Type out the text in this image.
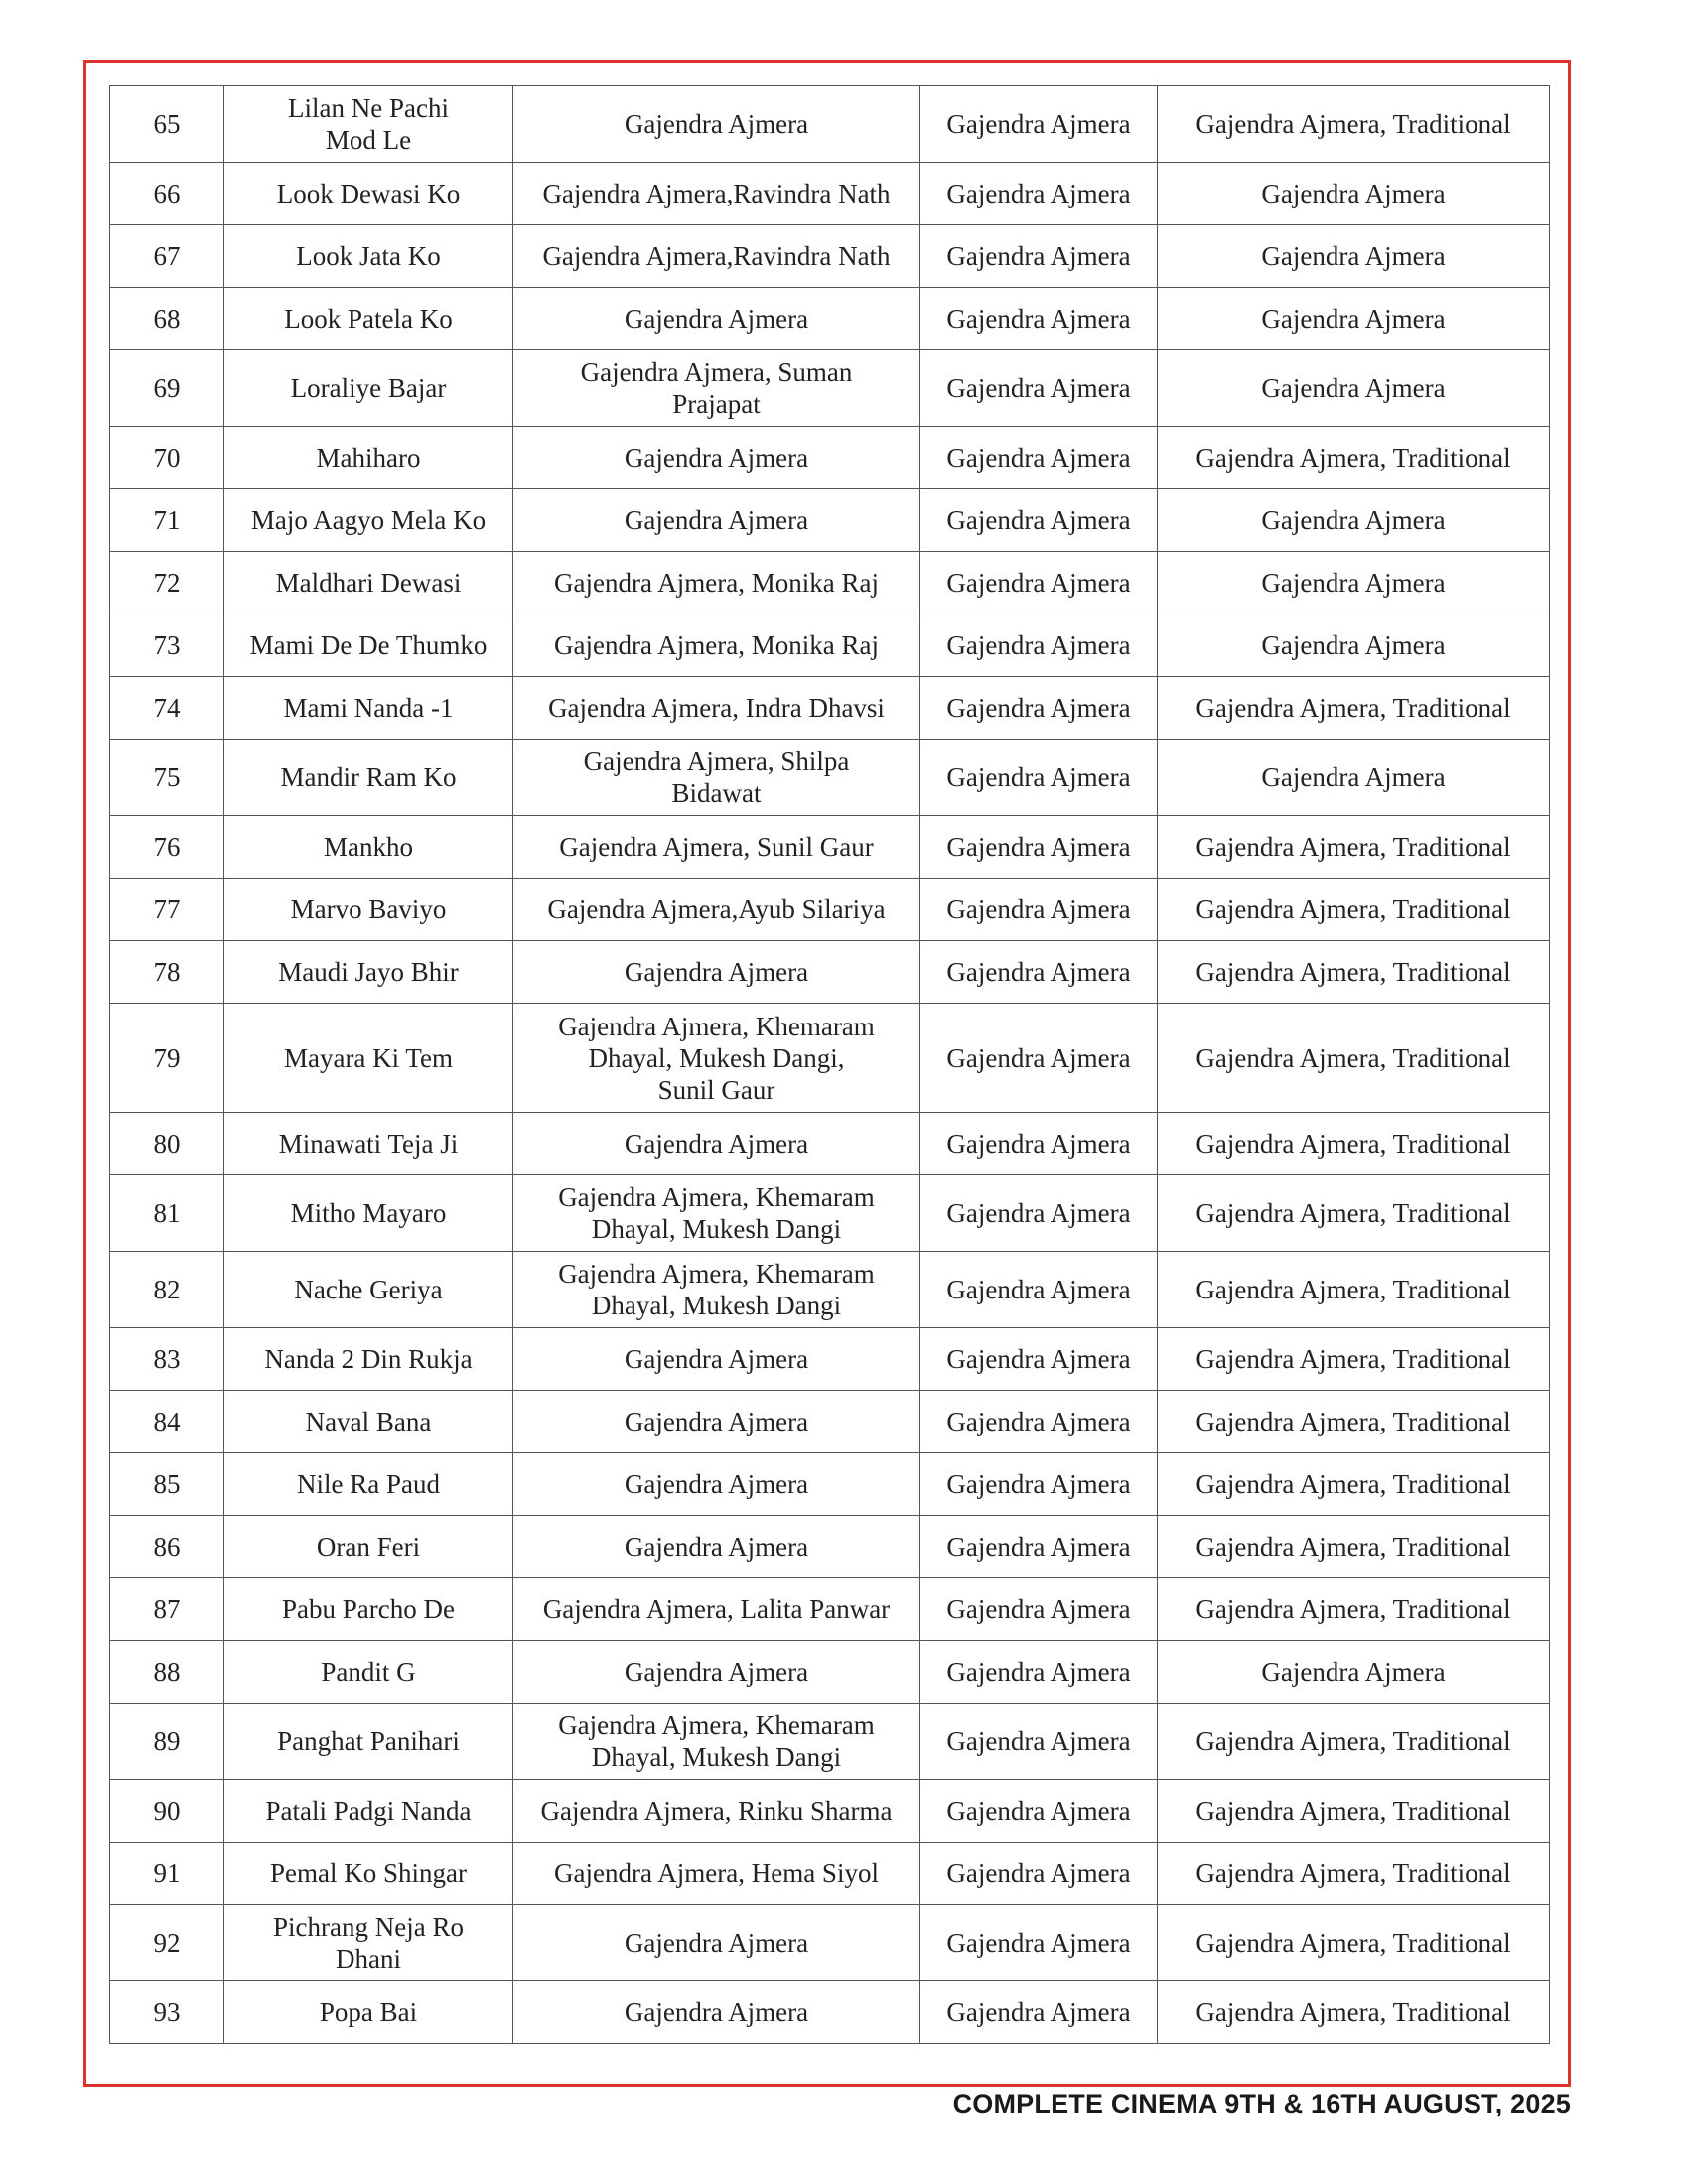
65	Lilan Ne Pachi
Mod Le	Gajendra Ajmera	Gajendra Ajmera	Gajendra Ajmera, Traditional
66	Look Dewasi Ko	Gajendra Ajmera,Ravindra Nath	Gajendra Ajmera	Gajendra Ajmera
67	Look Jata Ko	Gajendra Ajmera,Ravindra Nath	Gajendra Ajmera	Gajendra Ajmera
68	Look Patela Ko	Gajendra Ajmera	Gajendra Ajmera	Gajendra Ajmera
69	Loraliye Bajar	Gajendra Ajmera, Suman
Prajapat	Gajendra Ajmera	Gajendra Ajmera
70	Mahiharo	Gajendra Ajmera	Gajendra Ajmera	Gajendra Ajmera, Traditional
71	Majo Aagyo Mela Ko	Gajendra Ajmera	Gajendra Ajmera	Gajendra Ajmera
72	Maldhari Dewasi	Gajendra Ajmera, Monika Raj	Gajendra Ajmera	Gajendra Ajmera
73	Mami De De Thumko	Gajendra Ajmera, Monika Raj	Gajendra Ajmera	Gajendra Ajmera
74	Mami Nanda -1	Gajendra Ajmera, Indra Dhavsi	Gajendra Ajmera	Gajendra Ajmera, Traditional
75	Mandir Ram Ko	Gajendra Ajmera, Shilpa
Bidawat	Gajendra Ajmera	Gajendra Ajmera
76	Mankho	Gajendra Ajmera, Sunil Gaur	Gajendra Ajmera	Gajendra Ajmera, Traditional
77	Marvo Baviyo	Gajendra Ajmera,Ayub Silariya	Gajendra Ajmera	Gajendra Ajmera, Traditional
78	Maudi Jayo Bhir	Gajendra Ajmera	Gajendra Ajmera	Gajendra Ajmera, Traditional
79	Mayara Ki Tem	Gajendra Ajmera, Khemaram
Dhayal, Mukesh Dangi,
Sunil Gaur	Gajendra Ajmera	Gajendra Ajmera, Traditional
80	Minawati Teja Ji	Gajendra Ajmera	Gajendra Ajmera	Gajendra Ajmera, Traditional
81	Mitho Mayaro	Gajendra Ajmera, Khemaram
Dhayal, Mukesh Dangi	Gajendra Ajmera	Gajendra Ajmera, Traditional
82	Nache Geriya	Gajendra Ajmera, Khemaram
Dhayal, Mukesh Dangi	Gajendra Ajmera	Gajendra Ajmera, Traditional
83	Nanda 2 Din Rukja	Gajendra Ajmera	Gajendra Ajmera	Gajendra Ajmera, Traditional
84	Naval Bana	Gajendra Ajmera	Gajendra Ajmera	Gajendra Ajmera, Traditional
85	Nile Ra Paud	Gajendra Ajmera	Gajendra Ajmera	Gajendra Ajmera, Traditional
86	Oran Feri	Gajendra Ajmera	Gajendra Ajmera	Gajendra Ajmera, Traditional
87	Pabu Parcho De	Gajendra Ajmera, Lalita Panwar	Gajendra Ajmera	Gajendra Ajmera, Traditional
88	Pandit G	Gajendra Ajmera	Gajendra Ajmera	Gajendra Ajmera
89	Panghat Panihari	Gajendra Ajmera, Khemaram
Dhayal, Mukesh Dangi	Gajendra Ajmera	Gajendra Ajmera, Traditional
90	Patali Padgi Nanda	Gajendra Ajmera, Rinku Sharma	Gajendra Ajmera	Gajendra Ajmera, Traditional
91	Pemal Ko Shingar	Gajendra Ajmera, Hema Siyol	Gajendra Ajmera	Gajendra Ajmera, Traditional
92	Pichrang Neja Ro
Dhani	Gajendra Ajmera	Gajendra Ajmera	Gajendra Ajmera, Traditional
93	Popa Bai	Gajendra Ajmera	Gajendra Ajmera	Gajendra Ajmera, Traditional
COMPLETE CINEMA 9TH & 16TH AUGUST, 2025
